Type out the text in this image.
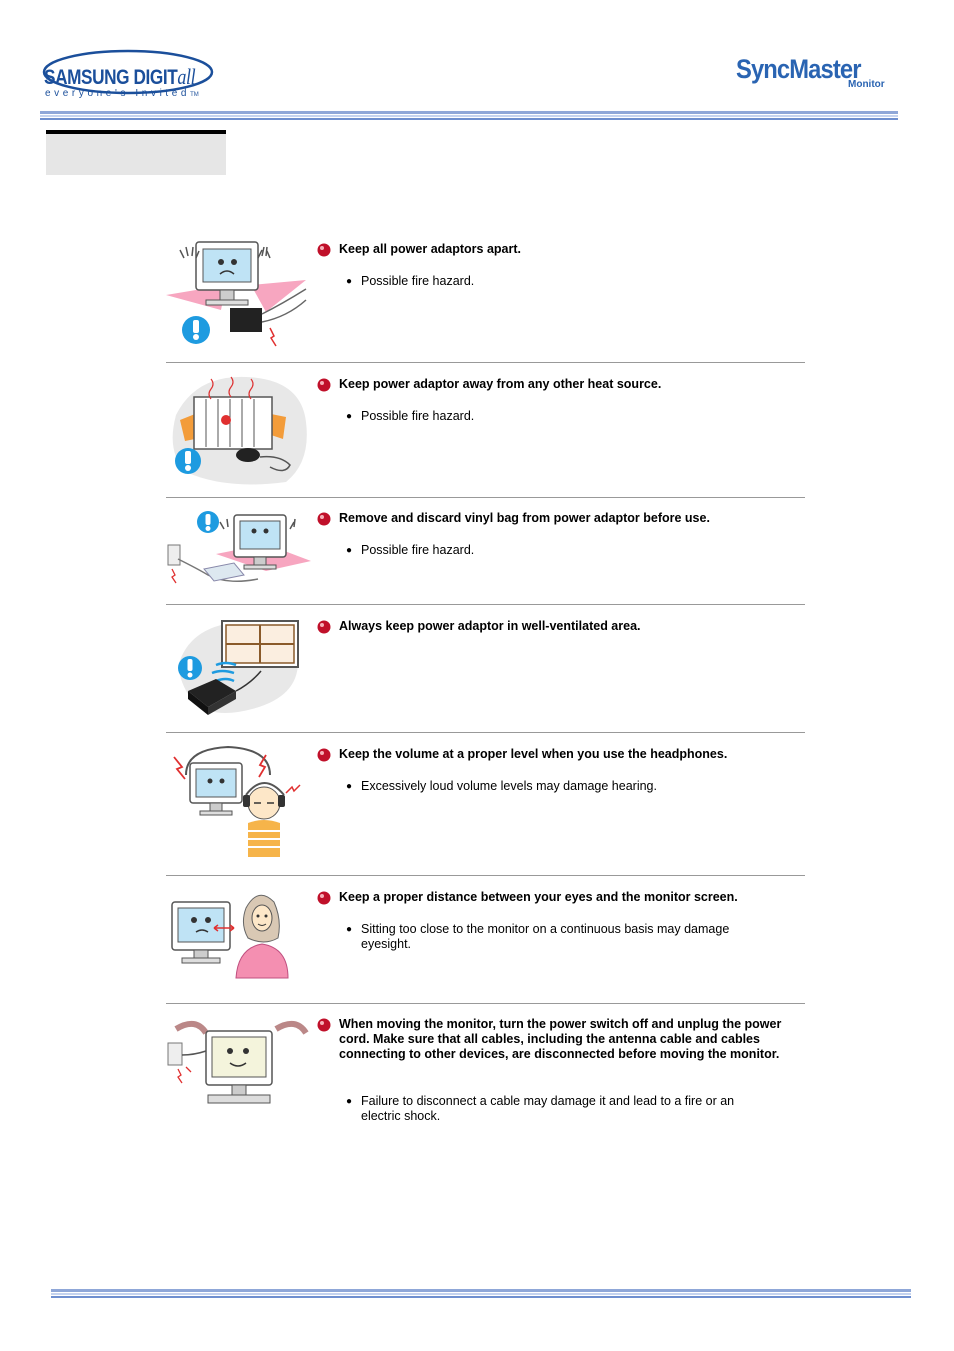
SAMSUNG DIGITall
everyone's InvitedTM
SyncMaster
Monitor
Keep all power adaptors apart.
● Possible fire hazard.
Keep power adaptor away from any other heat source.
● Possible fire hazard.
Remove and discard vinyl bag from power adaptor before use.
● Possible fire hazard.
Always keep power adaptor in well-ventilated area.
Keep the volume at a proper level when you use the headphones.
● Excessively loud volume levels may damage hearing.
Keep a proper distance between your eyes and the monitor screen.
● Sitting too close to the monitor on a continuous basis may damage eyesight.
When moving the monitor, turn the power switch off and unplug the power cord. Make sure that all cables, including the antenna cable and cables connecting to other devices, are disconnected before moving the monitor.
● Failure to disconnect a cable may damage it and lead to a fire or an electric shock.
